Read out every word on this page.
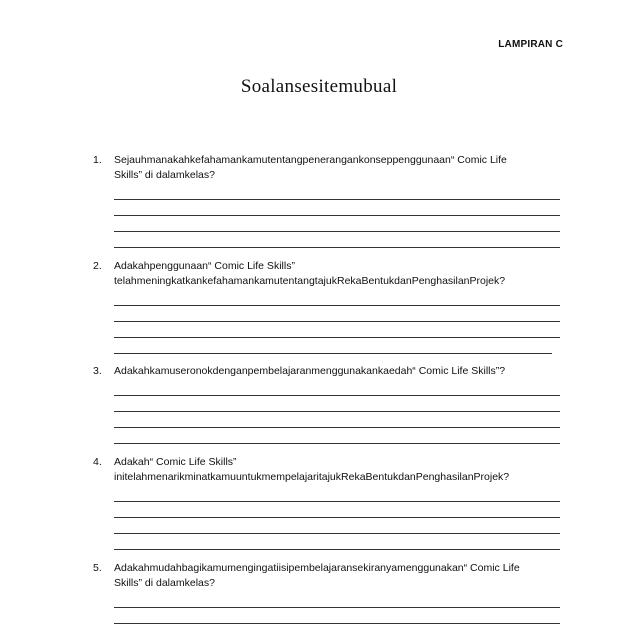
LAMPIRAN C
Soalansesitemubual
1.	Sejauhmanakahkefahamankamutentangpenerangankonseppenggunaan“ Comic Life
Skills” di dalamkelas?
2.	Adakahpenggunaan“ Comic Life Skills”
telahmeningkatkankefahamankamutentangtajukRekaBentukdanPenghasilanProjek?
3.	Adakahkamuseronokdenganpembelajaranmenggunakankaedah“ Comic Life Skills”?
4.	Adakah“ Comic Life Skills”
initelahmenarikminatkamuuntukmempelajaritajukRekaBentukdanPenghasilanProjek?
5.	Adakahmudahbagikamumengingatiisipembelajaransekiranyamenggunakan“ Comic Life
Skills” di dalamkelas?
